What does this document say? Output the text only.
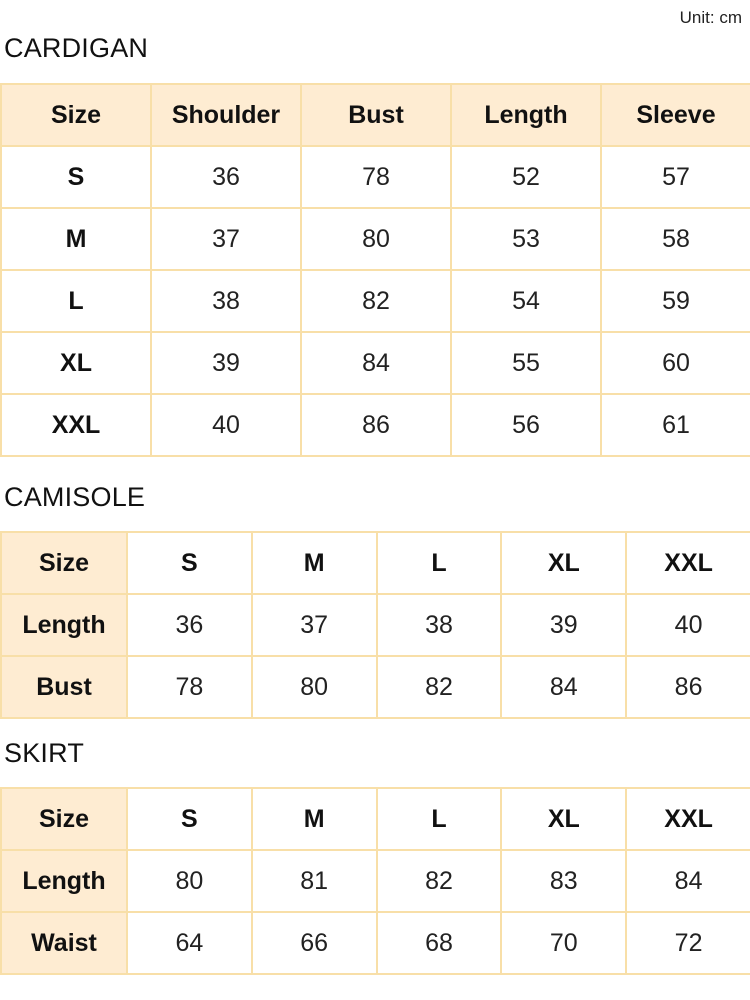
Unit: cm
CARDIGAN
Size	Shoulder	Bust	Length	Sleeve
S	36	78	52	57
M	37	80	53	58
L	38	82	54	59
XL	39	84	55	60
XXL	40	86	56	61
CAMISOLE
Size	S	M	L	XL	XXL
Length	36	37	38	39	40
Bust	78	80	82	84	86
SKIRT
Size	S	M	L	XL	XXL
Length	80	81	82	83	84
Waist	64	66	68	70	72
